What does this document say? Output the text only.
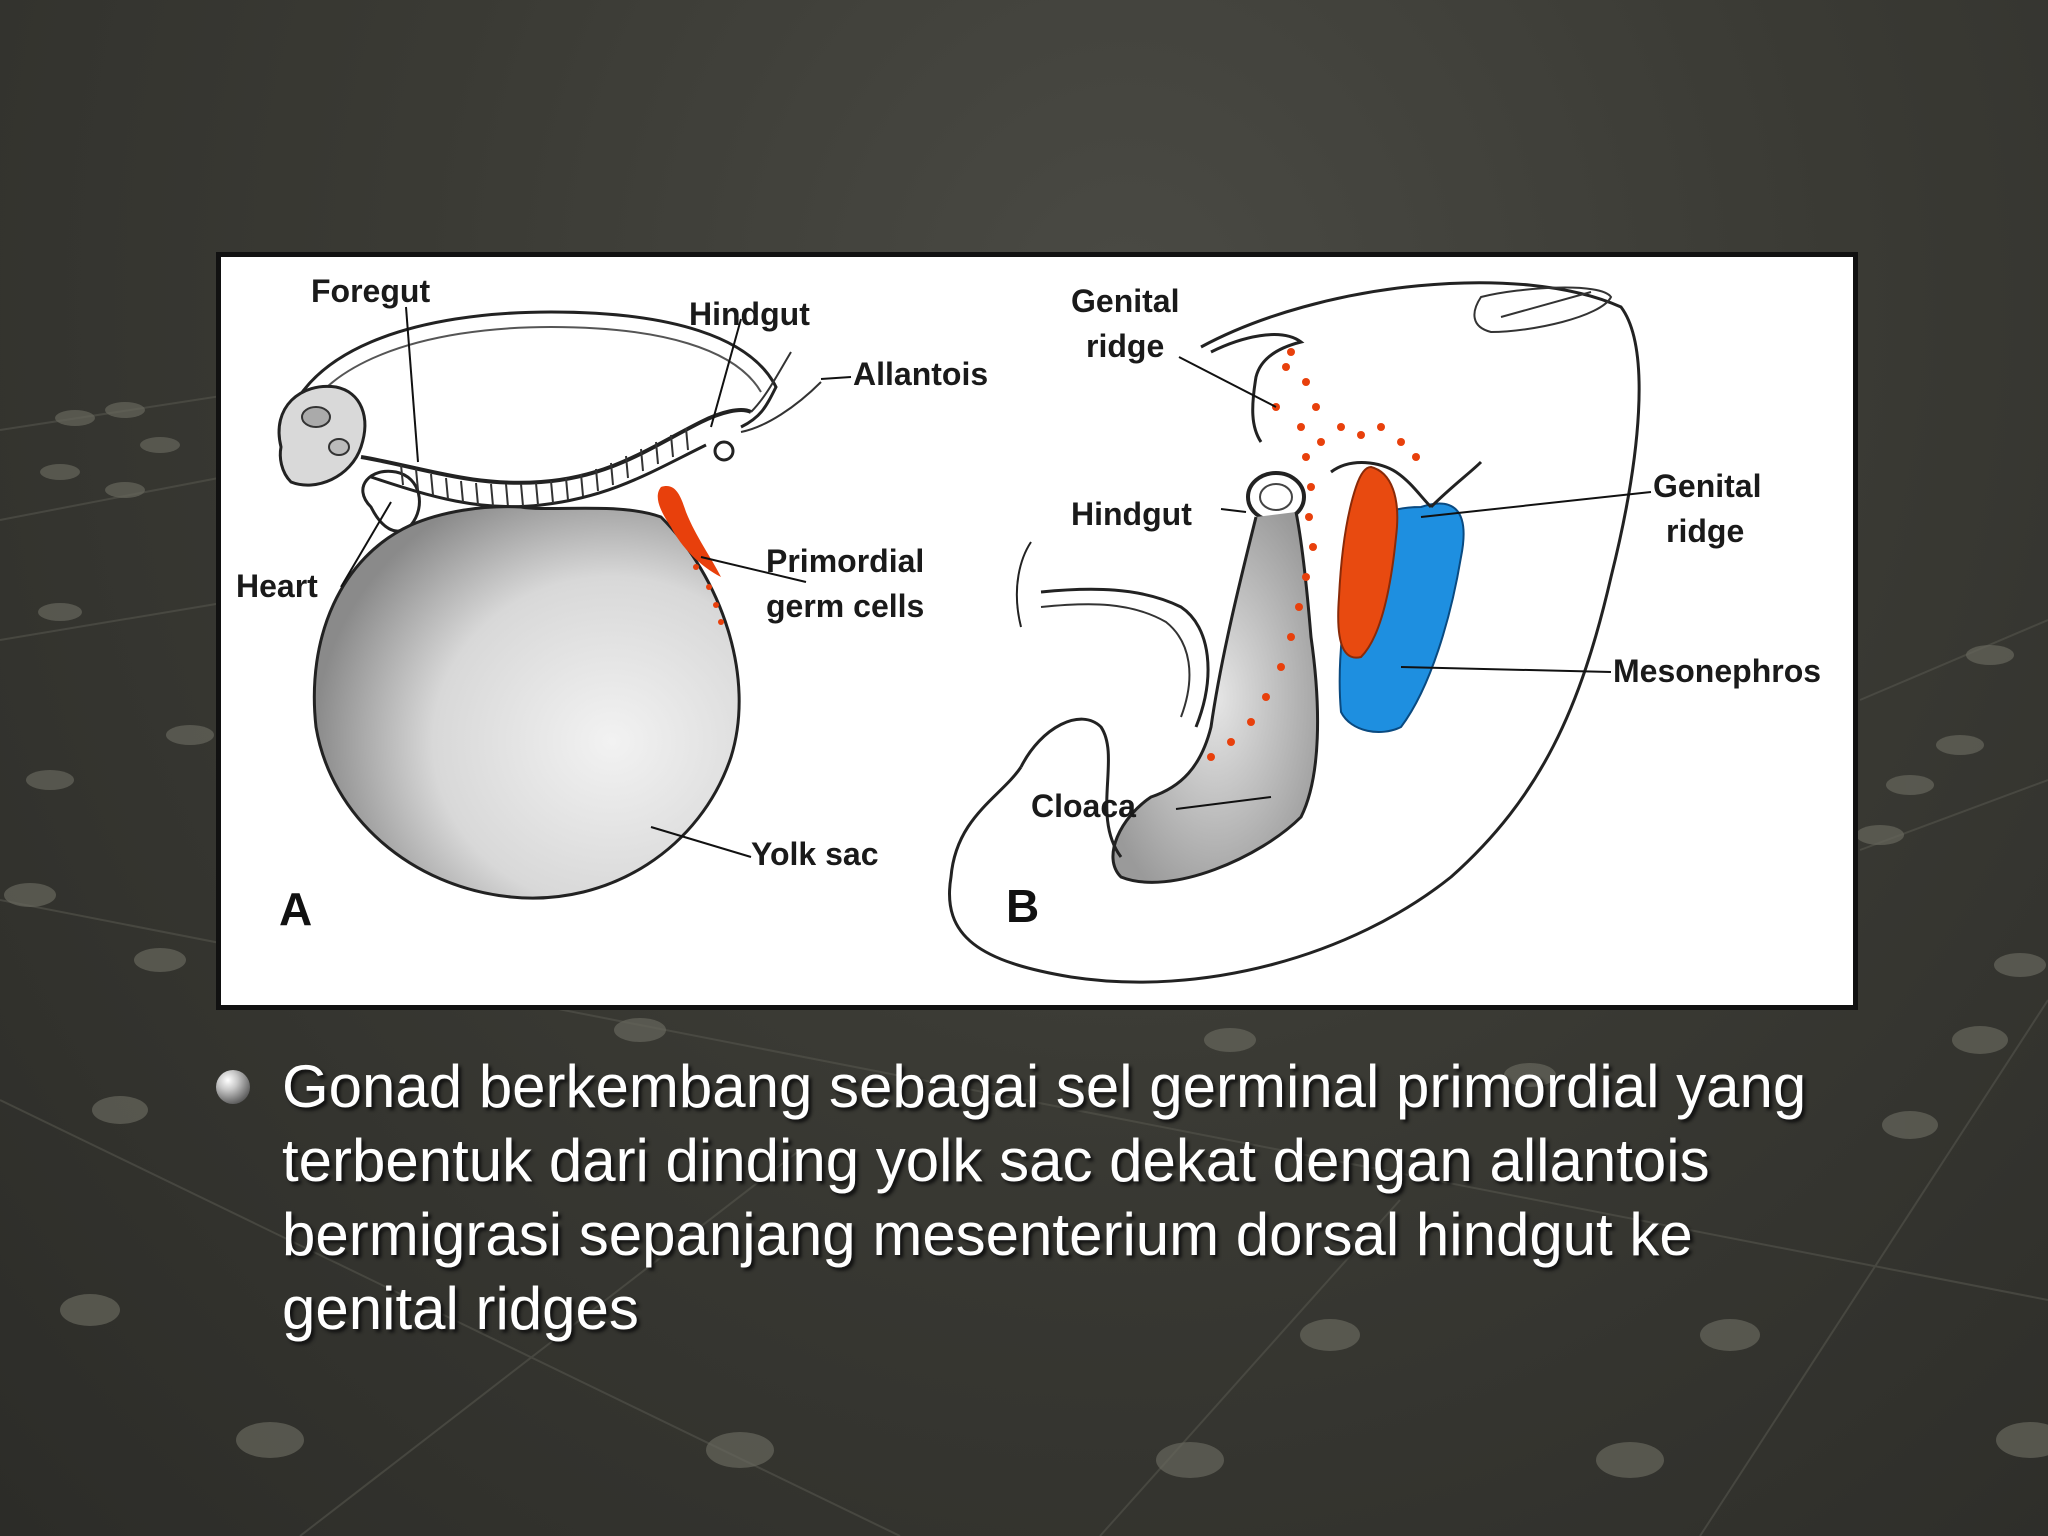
Foregut
Hindgut
Allantois
Heart
Primordial
germ cells
Yolk sac
A
Genital
ridge
Hindgut
Genital
ridge
Mesonephros
Cloaca
B
Gonad berkembang sebagai sel germinal primordial yang terbentuk dari dinding yolk sac dekat dengan allantois bermigrasi sepanjang mesenterium dorsal hindgut ke genital ridges
